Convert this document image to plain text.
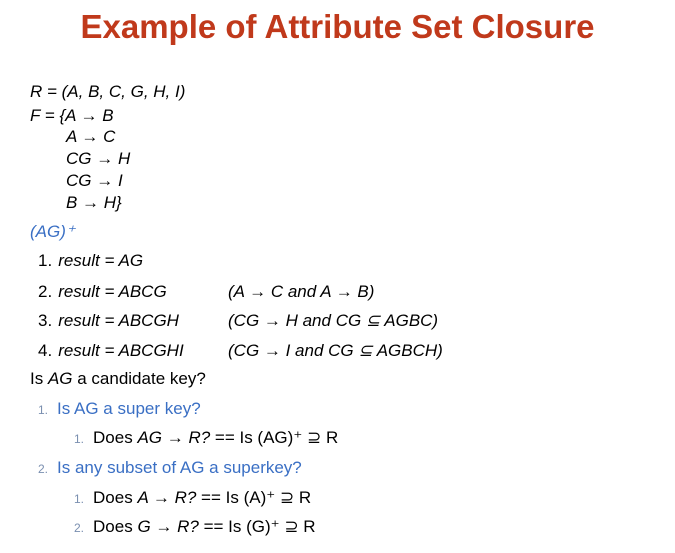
Example of Attribute Set Closure
R = (A, B, C, G, H, I)
F = {A → B
A → C
CG → H
CG → I
B → H}
(AG)⁺
1. result = AG
2. result = ABCG	(A → C and A → B)
3. result = ABCGH	(CG → H and CG ⊆ AGBC)
4. result = ABCGHI	(CG → I and CG ⊆ AGBCH)
Is AG a candidate key?
1. Is AG a super key?
1. Does AG → R? == Is (AG)⁺ ⊇ R
2. Is any subset of AG a superkey?
1. Does A → R? == Is (A)⁺ ⊇ R
2. Does G → R? == Is (G)⁺ ⊇ R
